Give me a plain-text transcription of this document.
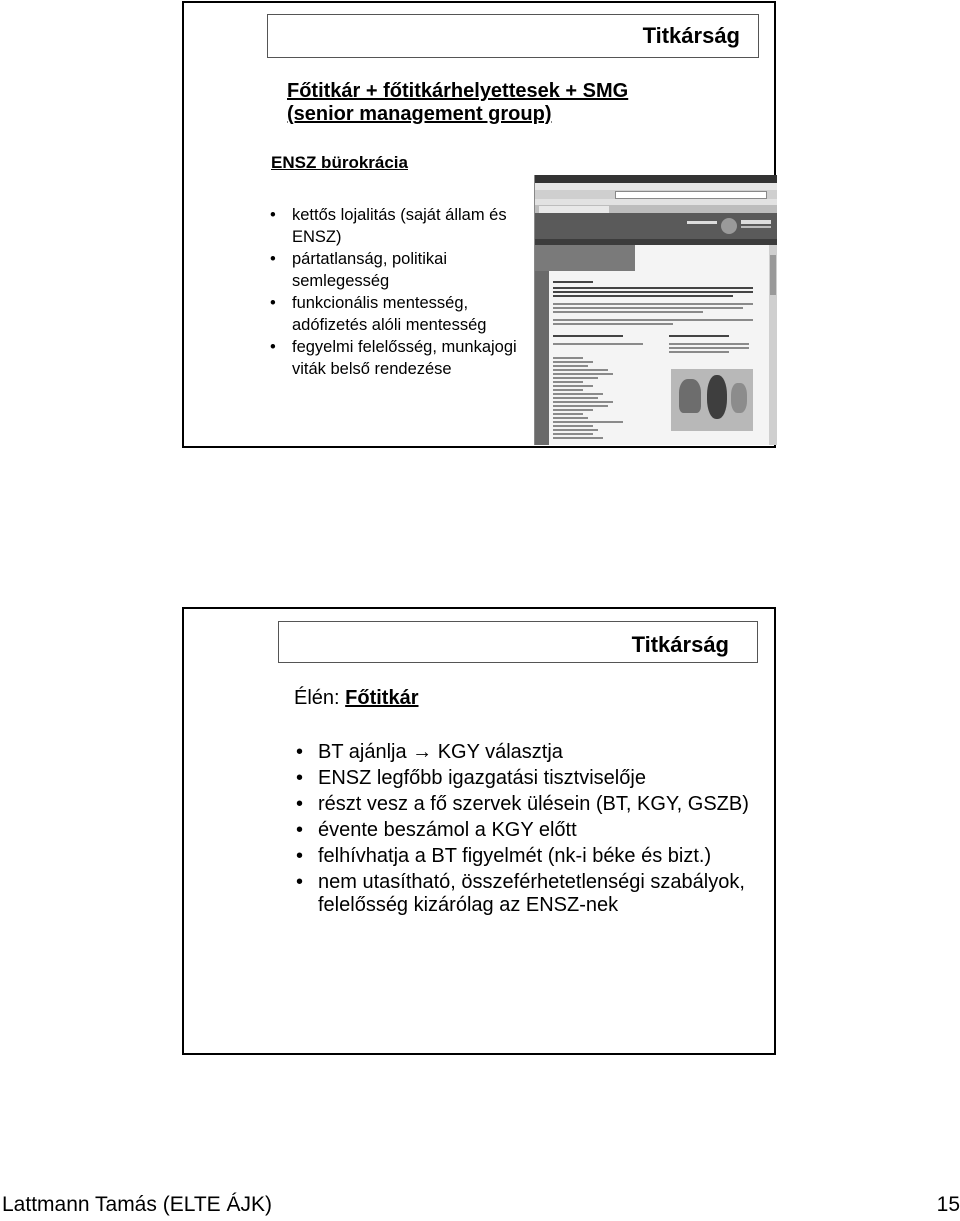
Titkárság
Főtitkár + főtitkárhelyettesek + SMG
(senior management group)
ENSZ bürokrácia
• kettős lojalitás (saját állam és ENSZ)
• pártatlanság, politikai semlegesség
• funkcionális mentesség, adófizetés alóli mentesség
• fegyelmi felelősség, munkajogi viták belső rendezése
Titkárság
Élén: Főtitkár
• BT ajánlja → KGY választja
• ENSZ legfőbb igazgatási tisztviselője
• részt vesz a fő szervek ülésein (BT, KGY, GSZB)
• évente beszámol a KGY előtt
• felhívhatja a BT figyelmét (nk-i béke és bizt.)
• nem utasítható, összeférhetetlenségi szabályok, felelősség kizárólag az ENSZ-nek
Lattmann Tamás (ELTE ÁJK)	15
